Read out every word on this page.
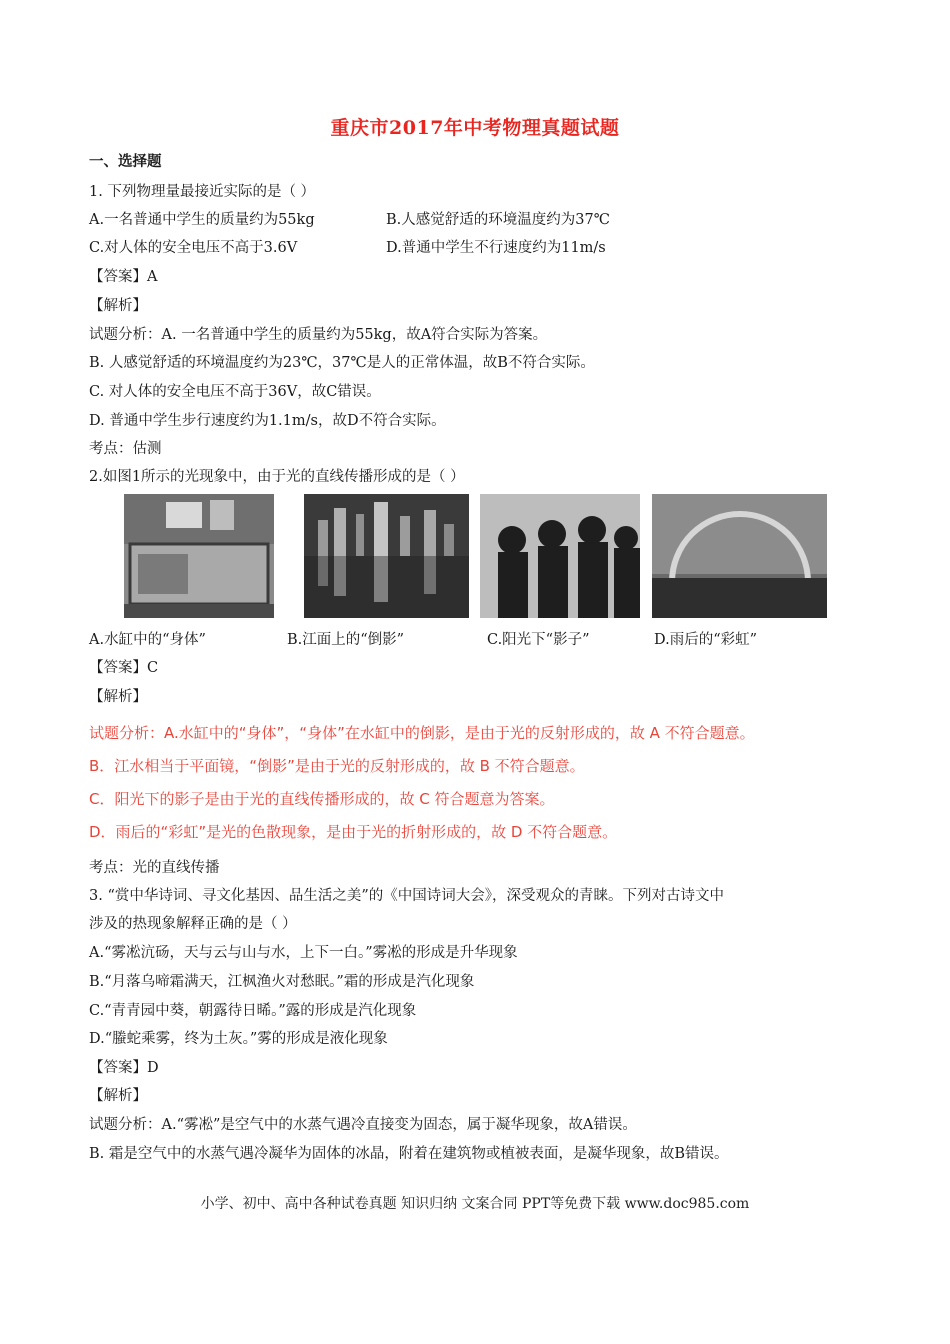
重庆市2017年中考物理真题试题
一、选择题
1. 下列物理量最接近实际的是（ ）
A.一名普通中学生的质量约为55kg	B.人感觉舒适的环境温度约为37℃
C.对人体的安全电压不高于3.6V	D.普通中学生不行速度约为11m/s
【答案】A
【解析】
试题分析：A. 一名普通中学生的质量约为55kg，故A符合实际为答案。
B. 人感觉舒适的环境温度约为23℃，37℃是人的正常体温，故B不符合实际。
C. 对人体的安全电压不高于36V，故C错误。
D. 普通中学生步行速度约为1.1m/s，故D不符合实际。
考点：估测
2.如图1所示的光现象中，由于光的直线传播形成的是（ ）
A.水缸中的“身体”	B.江面上的“倒影”	C.阳光下“影子”	D.雨后的“彩虹”
【答案】C
【解析】
试题分析：A.水缸中的“身体”，“身体”在水缸中的倒影，是由于光的反射形成的，故 A 不符合题意。
B．江水相当于平面镜，“倒影”是由于光的反射形成的，故 B 不符合题意。
C．阳光下的影子是由于光的直线传播形成的，故 C 符合题意为答案。
D．雨后的“彩虹”是光的色散现象，是由于光的折射形成的，故 D 不符合题意。
考点：光的直线传播
3. “赏中华诗词、寻文化基因、品生活之美”的《中国诗词大会》，深受观众的青睐。下列对古诗文中
涉及的热现象解释正确的是（ ）
A.“雾凇沆砀，天与云与山与水，上下一白。”雾凇的形成是升华现象
B.“月落乌啼霜满天，江枫渔火对愁眠。”霜的形成是汽化现象
C.“青青园中葵，朝露待日晞。”露的形成是汽化现象
D.“螣蛇乘雾，终为土灰。”雾的形成是液化现象
【答案】D
【解析】
试题分析：A.“雾凇”是空气中的水蒸气遇冷直接变为固态，属于凝华现象，故A错误。
B. 霜是空气中的水蒸气遇冷凝华为固体的冰晶，附着在建筑物或植被表面，是凝华现象，故B错误。
小学、初中、高中各种试卷真题 知识归纳 文案合同 PPT等免费下载 www.doc985.com
